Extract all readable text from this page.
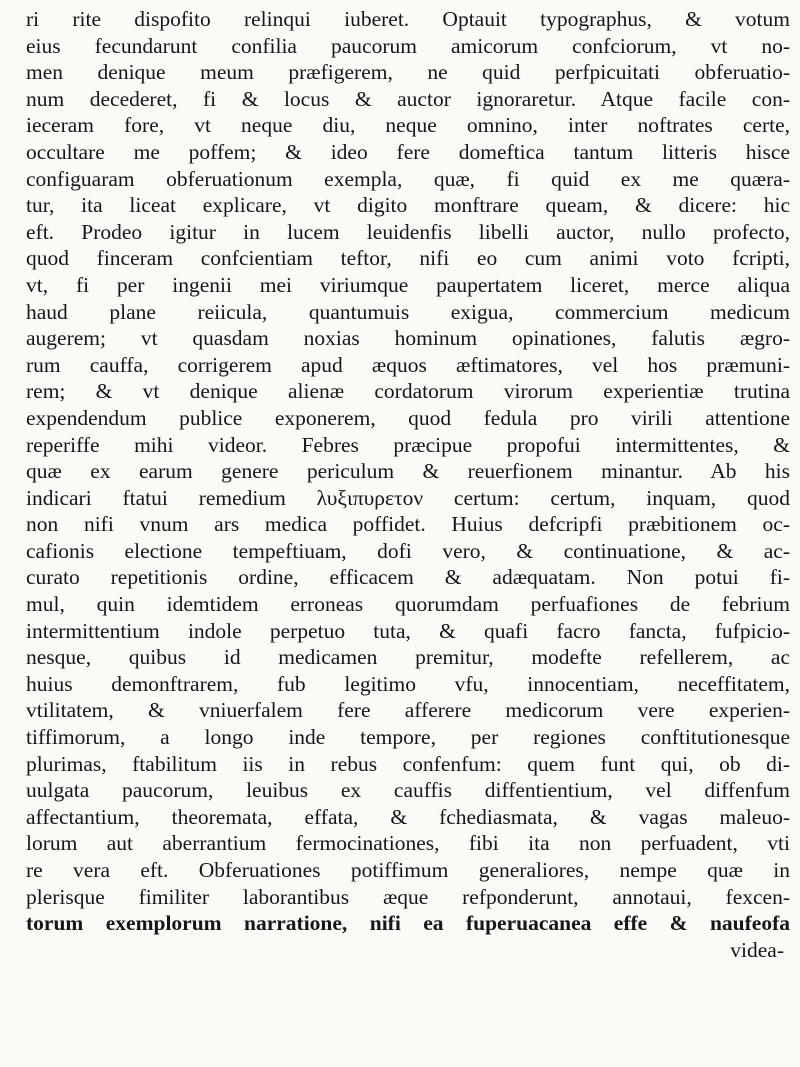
ri rite dispofito relinqui iuberet. Optauit typographus, & votum
eius fecundarunt confilia paucorum amicorum confciorum, vt no-
men denique meum præfigerem, ne quid perfpicuitati obferuatio-
num decederet, fi & locus & auctor ignoraretur. Atque facile con-
ieceram fore, vt neque diu, neque omnino, inter noftrates certe,
occultare me poffem; & ideo fere domeftica tantum litteris hisce
configuaram obferuationum exempla, quæ, fi quid ex me quæra-
tur, ita liceat explicare, vt digito monftrare queam, & dicere: hic
eft. Prodeo igitur in lucem leuidenfis libelli auctor, nullo profecto,
quod finceram confcientiam teftor, nifi eo cum animi voto fcripti,
vt, fi per ingenii mei viriumque paupertatem liceret, merce aliqua
haud plane reiicula, quantumuis exigua, commercium medicum
augerem; vt quasdam noxias hominum opinationes, falutis ægro-
rum cauffa, corrigerem apud æquos æftimatores, vel hos præmuni-
rem; & vt denique alienæ cordatorum virorum experientiæ trutina
expendendum publice exponerem, quod fedula pro virili attentione
reperiffe mihi videor. Febres præcipue propofui intermittentes, &
quæ ex earum genere periculum & reuerfionem minantur. Ab his
indicari ftatui remedium λυξιπυρετον certum: certum, inquam, quod
non nifi vnum ars medica poffidet. Huius defcripfi præbitionem oc-
cafionis electione tempeftiuam, dofi vero, & continuatione, & ac-
curato repetitionis ordine, efficacem & adæquatam. Non potui fi-
mul, quin idemtidem erroneas quorumdam perfuafiones de febrium
intermittentium indole perpetuo tuta, & quafi facro fancta, fufpicio-
nesque, quibus id medicamen premitur, modefte refellerem, ac
huius demonftrarem, fub legitimo vfu, innocentiam, neceffitatem,
vtilitatem, & vniuerfalem fere afferere medicorum vere experien-
tiffimorum, a longo inde tempore, per regiones conftitutionesque
plurimas, ftabilitum iis in rebus confenfum: quem funt qui, ob di-
uulgata paucorum, leuibus ex cauffis diffentientium, vel diffenfum
affectantium, theoremata, effata, & fchediasmata, & vagas maleuo-
lorum aut aberrantium fermocinationes, fibi ita non perfuadent, vti
re vera eft. Obferuationes potiffimum generaliores, nempe quæ in
plerisque fimiliter laborantibus æque refponderunt, annotaui, fexcen-
torum exemplorum narratione, nifi ea fuperuacanea effe & naufeofa
videa-
